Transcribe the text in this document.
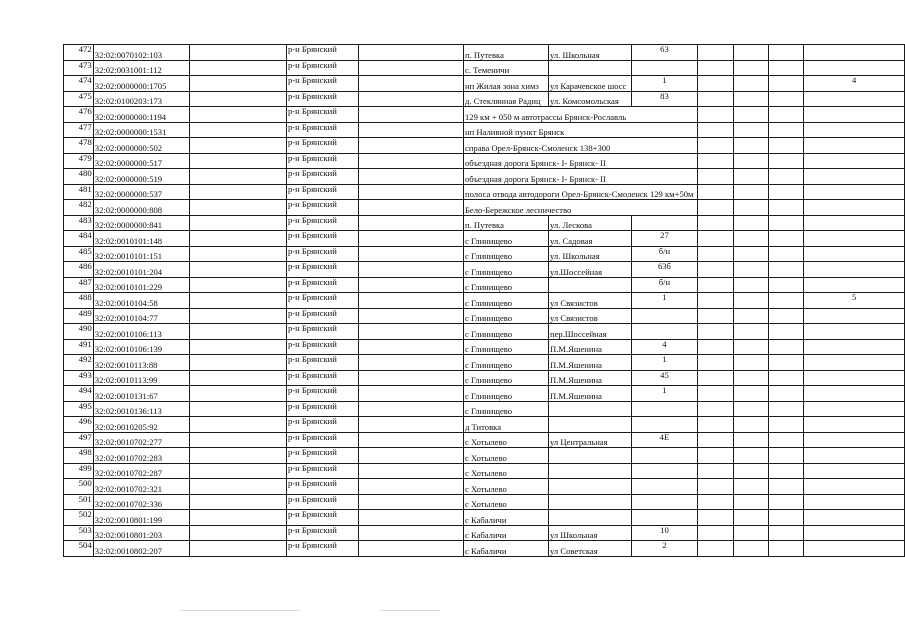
472	32:02:0070102:103		р-н Брянский		п. Путевка	ул. Школьная	63				
473	32:02:0031001:112		р-н Брянский		с. Теменичи						
474	32:02:0000000:1705		р-н Брянский		нп Жилая зона химз	ул Карачевское шосс	1				4
475	32:02:0100203:173		р-н Брянский		д. Стеклянная Радиц	ул. Комсомольская	83				
476	32:02:0000000:1194		р-н Брянский		129 км + 050 м автотрассы Брянск-Рославль						
477	32:02:0000000:1531		р-н Брянский		нп Наливной пункт Брянск						
478	32:02:0000000:502		р-н Брянский		справа Орел-Брянск-Смоленск 138+300						
479	32:02:0000000:517		р-н Брянский		объездная дорога Брянск- I- Брянск- II						
480	32:02:0000000:519		р-н Брянский		объездная дорога Брянск- I- Брянск- II						
481	32:02:0000000:537		р-н Брянский		полоса отвода автодороги Орел-Брянск-Смоленск 129 км+50м						
482	32:02:0000000:808		р-н Брянский		Бело-Бережское лесничество						
483	32:02:0000000:841		р-н Брянский		п. Путевка	ул. Лескова					
484	32:02:0010101:148		р-н Брянский		с Глинищево	ул. Садовая	27				
485	32:02:0010101:151		р-н Брянский		с Глинищево	ул. Школьная	б/н				
486	32:02:0010101:204		р-н Брянский		с Глинищево	ул.Шоссейная	63б				
487	32:02:0010101:229		р-н Брянский		с Глинищево		б/н				
488	32:02:0010104:58		р-н Брянский		с Глинищево	ул Связистов	1				5
489	32:02:0010104:77		р-н Брянский		с Глинищево	ул Связистов					
490	32:02:0010106:113		р-н Брянский		с Глинищево	пер.Шоссейная					
491	32:02:0010106:139		р-н Брянский		с Глинищево	П.М.Яшенина	4				
492	32:02:0010113:88		р-н Брянский		с Глинищево	П.М.Яшенина	1				
493	32:02:0010113:99		р-н Брянский		с Глинищево	П.М.Яшенина	45				
494	32:02:0010131:67		р-н Брянский		с Глинищево	П.М.Яшенина	1				
495	32:02:0010136:113		р-н Брянский		с Глинищево						
496	32:02:0010205:92		р-н Брянский		д Титовка						
497	32:02:0010702:277		р-н Брянский		с Хотылево	ул Центральная	4Е				
498	32:02:0010702:283		р-н Брянский		с Хотылево						
499	32:02:0010702:287		р-н Брянский		с Хотылево						
500	32:02:0010702:321		р-н Брянский		с Хотылево						
501	32:02:0010702:336		р-н Брянский		с Хотылево						
502	32:02:0010801:199		р-н Брянский		с Кабаличи						
503	32:02:0010801:203		р-н Брянский		с Кабаличи	ул Школьная	10				
504	32:02:0010802:207		р-н Брянский		с Кабаличи	ул Советская	2				
